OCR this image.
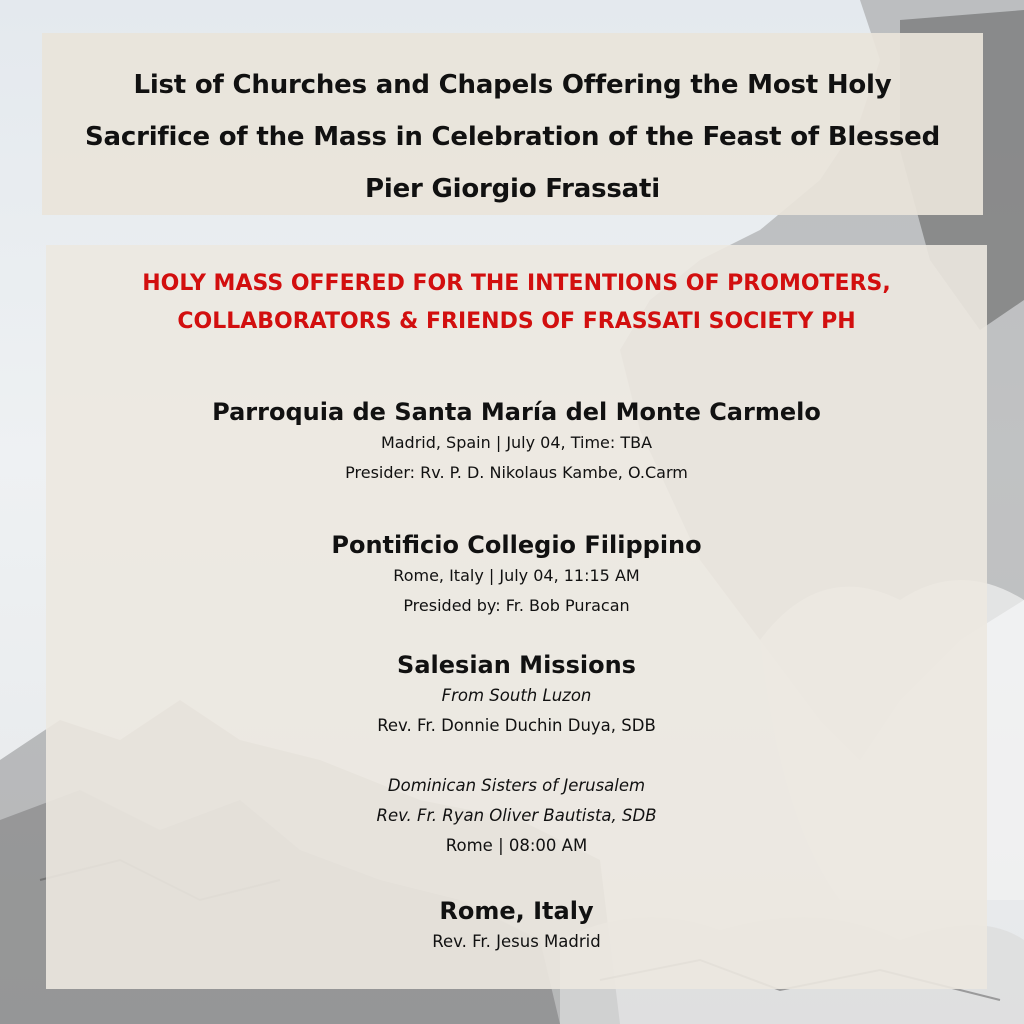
List of Churches and Chapels Offering the Most Holy Sacrifice of the Mass in Celebration of the Feast of Blessed Pier Giorgio Frassati
HOLY MASS OFFERED FOR THE INTENTIONS OF PROMOTERS,
COLLABORATORS & FRIENDS OF FRASSATI SOCIETY PH

Parroquia de Santa María del Monte Carmelo

Madrid, Spain | July 04, Time: TBA

Presider: Rv. P. D. Nikolaus Kambe, O.Carm

Pontificio Collegio Filippino

Rome, Italy | July 04, 11:15 AM

Presided by: Fr. Bob Puracan

Salesian Missions

From South Luzon

Rev. Fr. Donnie Duchin Duya, SDB

Dominican Sisters of Jerusalem

Rev. Fr. Ryan Oliver Bautista, SDB

Rome | 08:00 AM

Rome, Italy

Rev. Fr. Jesus Madrid
